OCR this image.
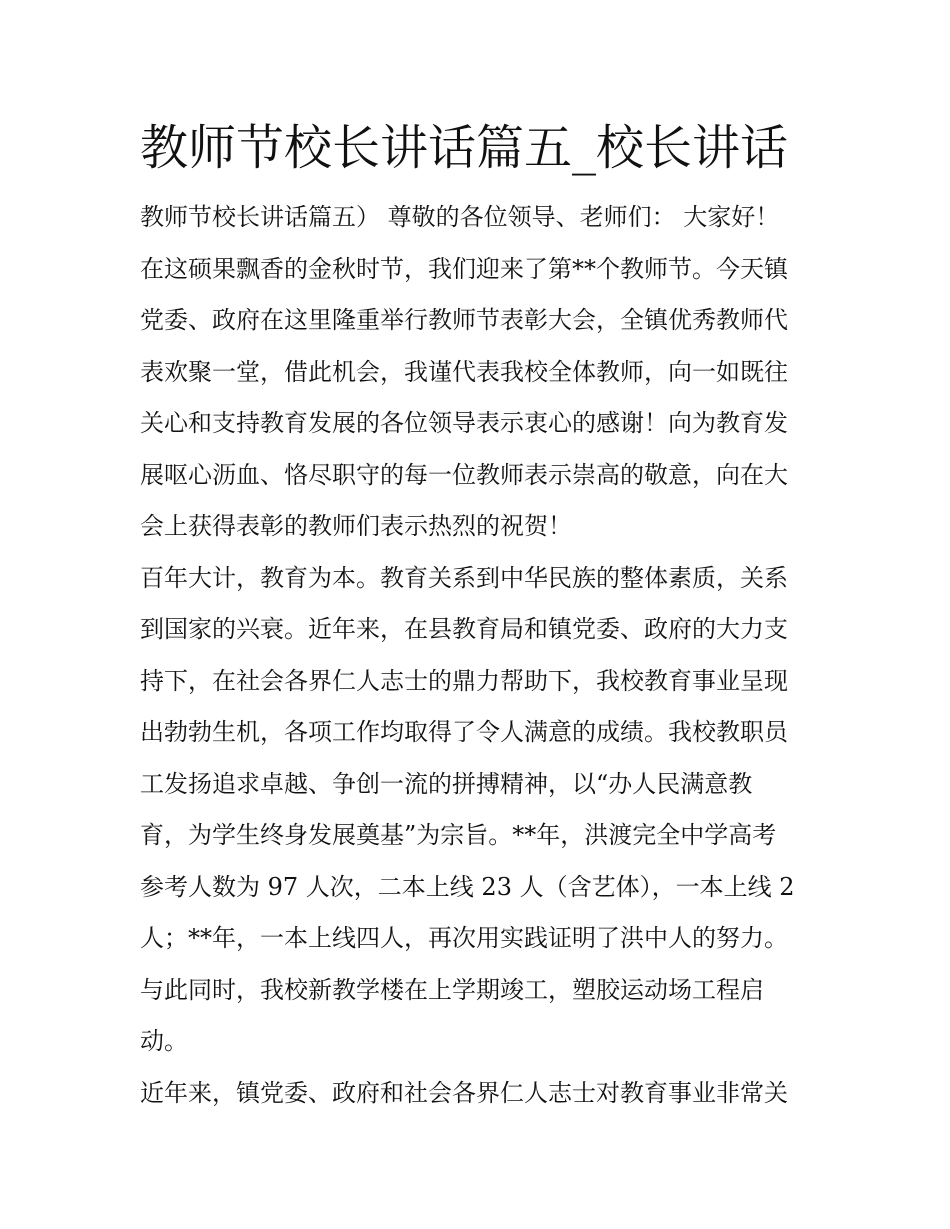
教师节校长讲话篇五_校长讲话
教师节校长讲话篇五） 尊敬的各位领导、老师们： 大家好！
在这硕果飘香的金秋时节，我们迎来了第**个教师节。今天镇
党委、政府在这里隆重举行教师节表彰大会，全镇优秀教师代
表欢聚一堂，借此机会，我谨代表我校全体教师，向一如既往
关心和支持教育发展的各位领导表示衷心的感谢！向为教育发
展呕心沥血、恪尽职守的每一位教师表示崇高的敬意，向在大
会上获得表彰的教师们表示热烈的祝贺！
百年大计，教育为本。教育关系到中华民族的整体素质，关系
到国家的兴衰。近年来，在县教育局和镇党委、政府的大力支
持下，在社会各界仁人志士的鼎力帮助下，我校教育事业呈现
出勃勃生机，各项工作均取得了令人满意的成绩。我校教职员
工发扬追求卓越、争创一流的拼搏精神，以“办人民满意教
育，为学生终身发展奠基”为宗旨。**年，洪渡完全中学高考
参考人数为 97 人次，二本上线 23 人（含艺体），一本上线 2
人；**年，一本上线四人，再次用实践证明了洪中人的努力。
与此同时，我校新教学楼在上学期竣工，塑胶运动场工程启
动。
近年来，镇党委、政府和社会各界仁人志士对教育事业非常关
